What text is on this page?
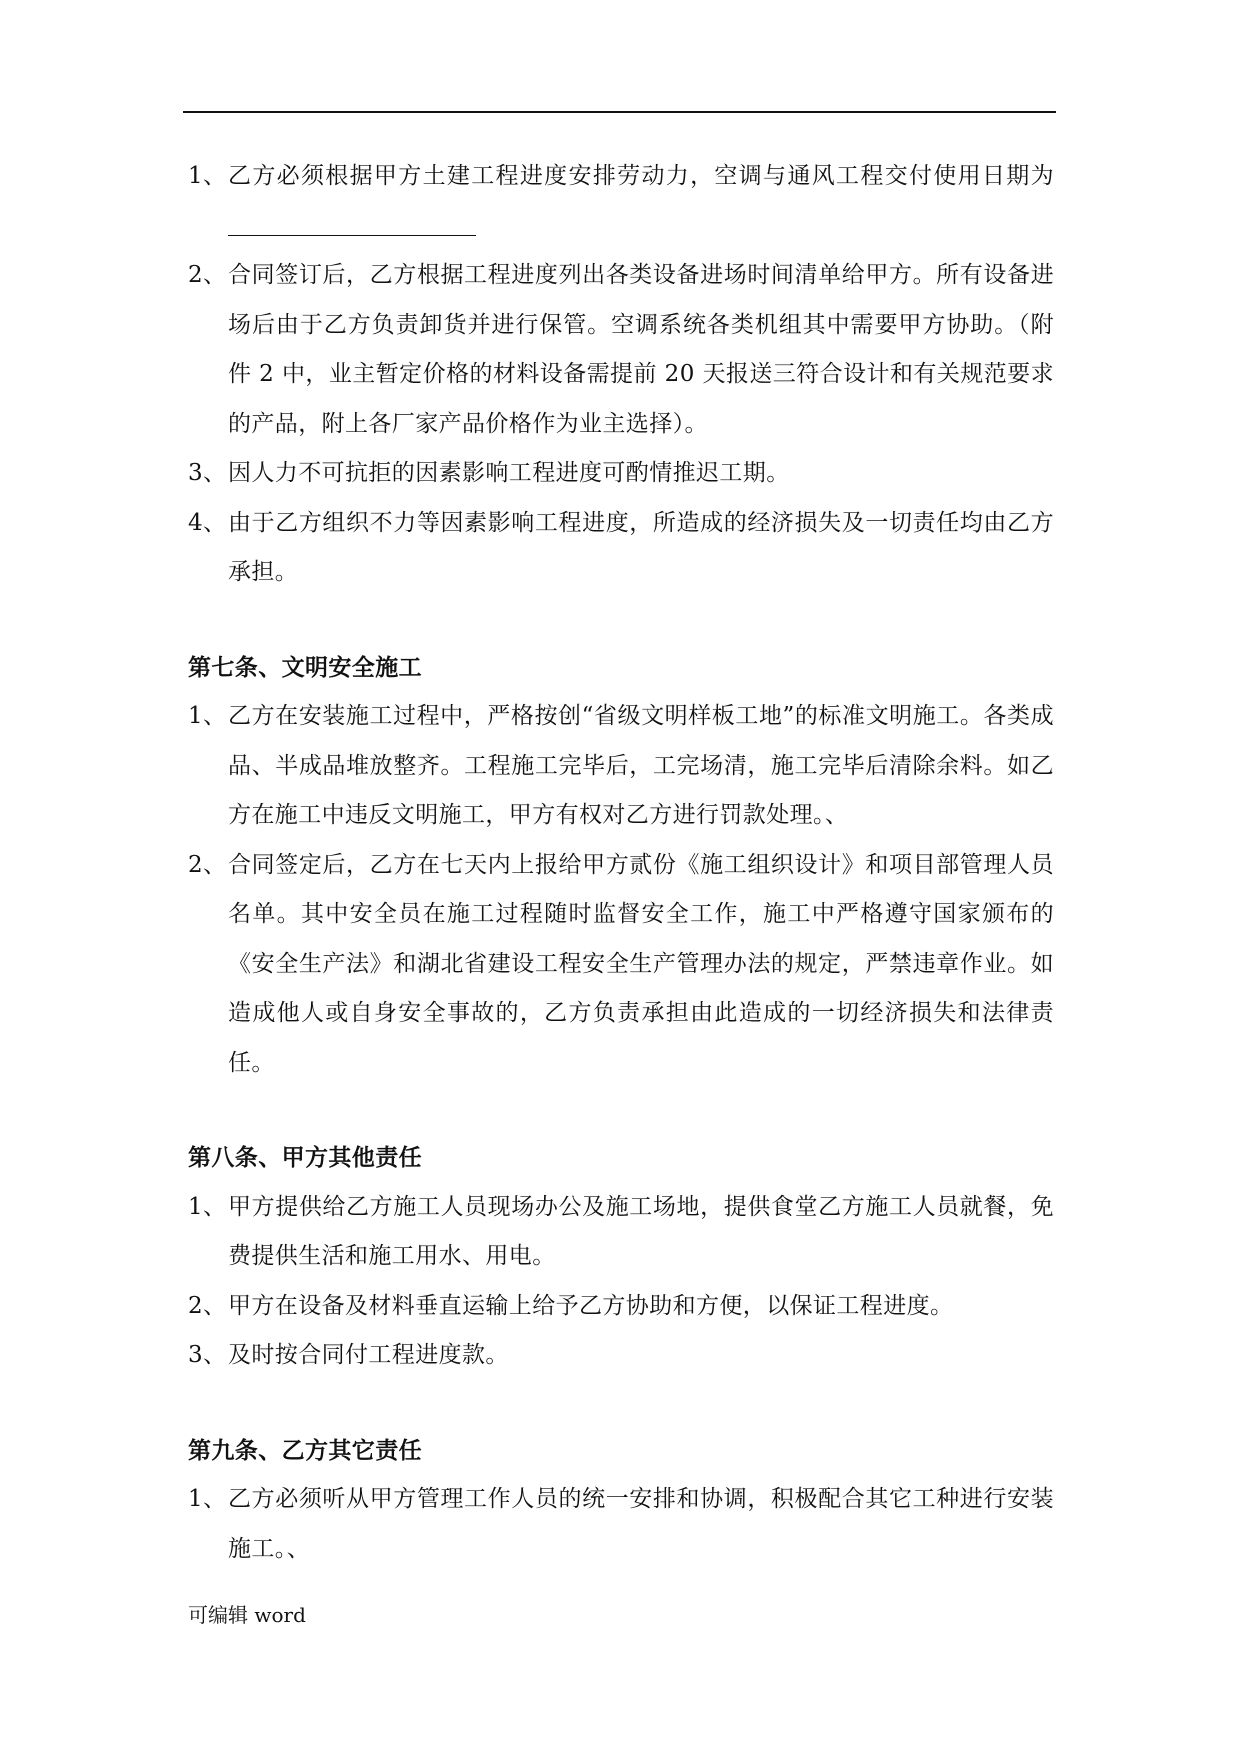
1、 乙方必须根据甲方土建工程进度安排劳动力，空调与通风工程交付使用日期为
2、 合同签订后，乙方根据工程进度列出各类设备进场时间清单给甲方。所有设备进场后由于乙方负责卸货并进行保管。空调系统各类机组其中需要甲方协助。（附件 2 中，业主暂定价格的材料设备需提前 20 天报送三符合设计和有关规范要求的产品，附上各厂家产品价格作为业主选择）。
3、 因人力不可抗拒的因素影响工程进度可酌情推迟工期。
4、 由于乙方组织不力等因素影响工程进度，所造成的经济损失及一切责任均由乙方承担。
第七条、文明安全施工
1、 乙方在安装施工过程中，严格按创“省级文明样板工地”的标准文明施工。各类成品、半成品堆放整齐。工程施工完毕后，工完场清，施工完毕后清除余料。如乙方在施工中违反文明施工，甲方有权对乙方进行罚款处理。、
2、 合同签定后，乙方在七天内上报给甲方贰份《施工组织设计》和项目部管理人员名单。其中安全员在施工过程随时监督安全工作，施工中严格遵守国家颁布的《安全生产法》和湖北省建设工程安全生产管理办法的规定，严禁违章作业。如造成他人或自身安全事故的，乙方负责承担由此造成的一切经济损失和法律责任。
第八条、甲方其他责任
1、 甲方提供给乙方施工人员现场办公及施工场地，提供食堂乙方施工人员就餐，免费提供生活和施工用水、用电。
2、 甲方在设备及材料垂直运输上给予乙方协助和方便，以保证工程进度。
3、 及时按合同付工程进度款。
第九条、乙方其它责任
1、 乙方必须听从甲方管理工作人员的统一安排和协调，积极配合其它工种进行安装施工。、
可编辑 word
